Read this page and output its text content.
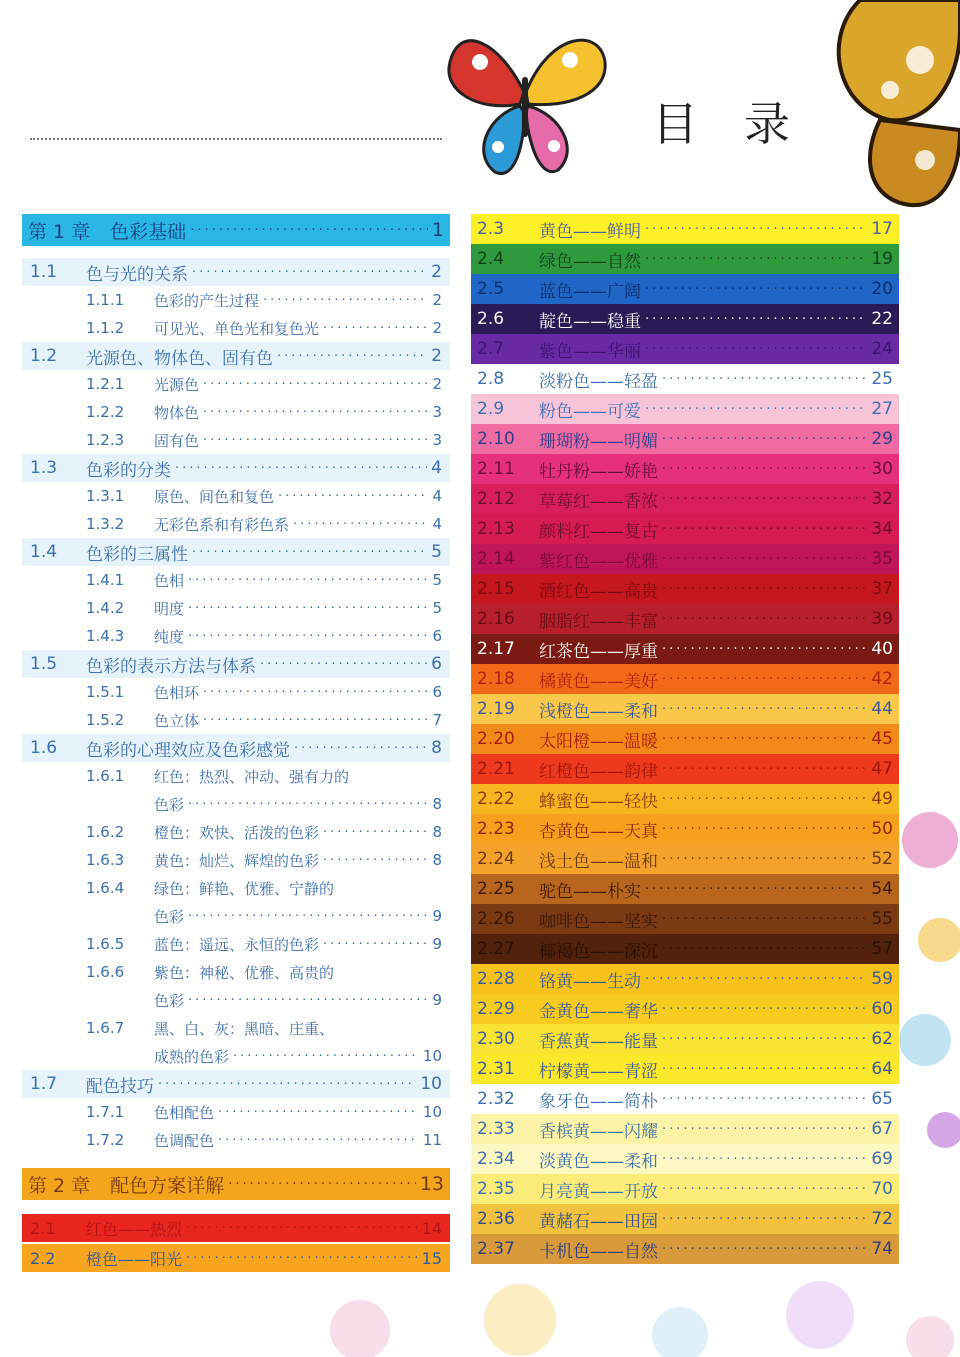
目录
第 1 章 色彩基础 ·····	1
1.1	色与光的关系 ·····	2
1.1.1	色彩的产生过程 ·····	2
1.1.2	可见光、单色光和复色光 ·····	2
1.2	光源色、物体色、固有色 ·····	2
1.2.1	光源色 ·····	2
1.2.2	物体色 ·····	3
1.2.3	固有色 ·····	3
1.3	色彩的分类 ·····	4
1.3.1	原色、间色和复色 ·····	4
1.3.2	无彩色系和有彩色系 ·····	4
1.4	色彩的三属性 ·····	5
1.4.1	色相 ·····	5
1.4.2	明度 ·····	5
1.4.3	纯度 ·····	6
1.5	色彩的表示方法与体系 ·····	6
1.5.1	色相环 ·····	6
1.5.2	色立体 ·····	7
1.6	色彩的心理效应及色彩感觉 ·····	8
1.6.1	红色：热烈、冲动、强有力的
色彩 ·····	8
1.6.2	橙色：欢快、活泼的色彩 ·····	8
1.6.3	黄色：灿烂、辉煌的色彩 ·····	8
1.6.4	绿色：鲜艳、优雅、宁静的
色彩 ·····	9
1.6.5	蓝色：遥远、永恒的色彩 ·····	9
1.6.6	紫色：神秘、优雅、高贵的
色彩 ·····	9
1.6.7	黑、白、灰：黑暗、庄重、
成熟的色彩 ·····	10
1.7	配色技巧 ·····	10
1.7.1	色相配色 ·····	10
1.7.2	色调配色 ·····	11
第 2 章 配色方案详解 ·····	13
2.1	红色——热烈 ·····	14
2.2	橙色——阳光 ·····	15
2.3	黄色——鲜明 ·····	17
2.4	绿色——自然 ·····	19
2.5	蓝色——广阔 ·····	20
2.6	靛色——稳重 ·····	22
2.7	紫色——华丽 ·····	24
2.8	淡粉色——轻盈 ·····	25
2.9	粉色——可爱 ·····	27
2.10	珊瑚粉——明媚 ·····	29
2.11	牡丹粉——娇艳 ·····	30
2.12	草莓红——香浓 ·····	32
2.13	颜料红——复古 ·····	34
2.14	紫红色——优雅 ·····	35
2.15	酒红色——高贵 ·····	37
2.16	胭脂红——丰富 ·····	39
2.17	红茶色——厚重 ·····	40
2.18	橘黄色——美好 ·····	42
2.19	浅橙色——柔和 ·····	44
2.20	太阳橙——温暖 ·····	45
2.21	红橙色——韵律 ·····	47
2.22	蜂蜜色——轻快 ·····	49
2.23	杏黄色——天真 ·····	50
2.24	浅土色——温和 ·····	52
2.25	驼色——朴实 ·····	54
2.26	咖啡色——坚实 ·····	55
2.27	椰褐色——深沉 ·····	57
2.28	铬黄——生动 ·····	59
2.29	金黄色——奢华 ·····	60
2.30	香蕉黄——能量 ·····	62
2.31	柠檬黄——青涩 ·····	64
2.32	象牙色——简朴 ·····	65
2.33	香槟黄——闪耀 ·····	67
2.34	淡黄色——柔和 ·····	69
2.35	月亮黄——开放 ·····	70
2.36	黄赭石——田园 ·····	72
2.37	卡机色——自然 ·····	74
